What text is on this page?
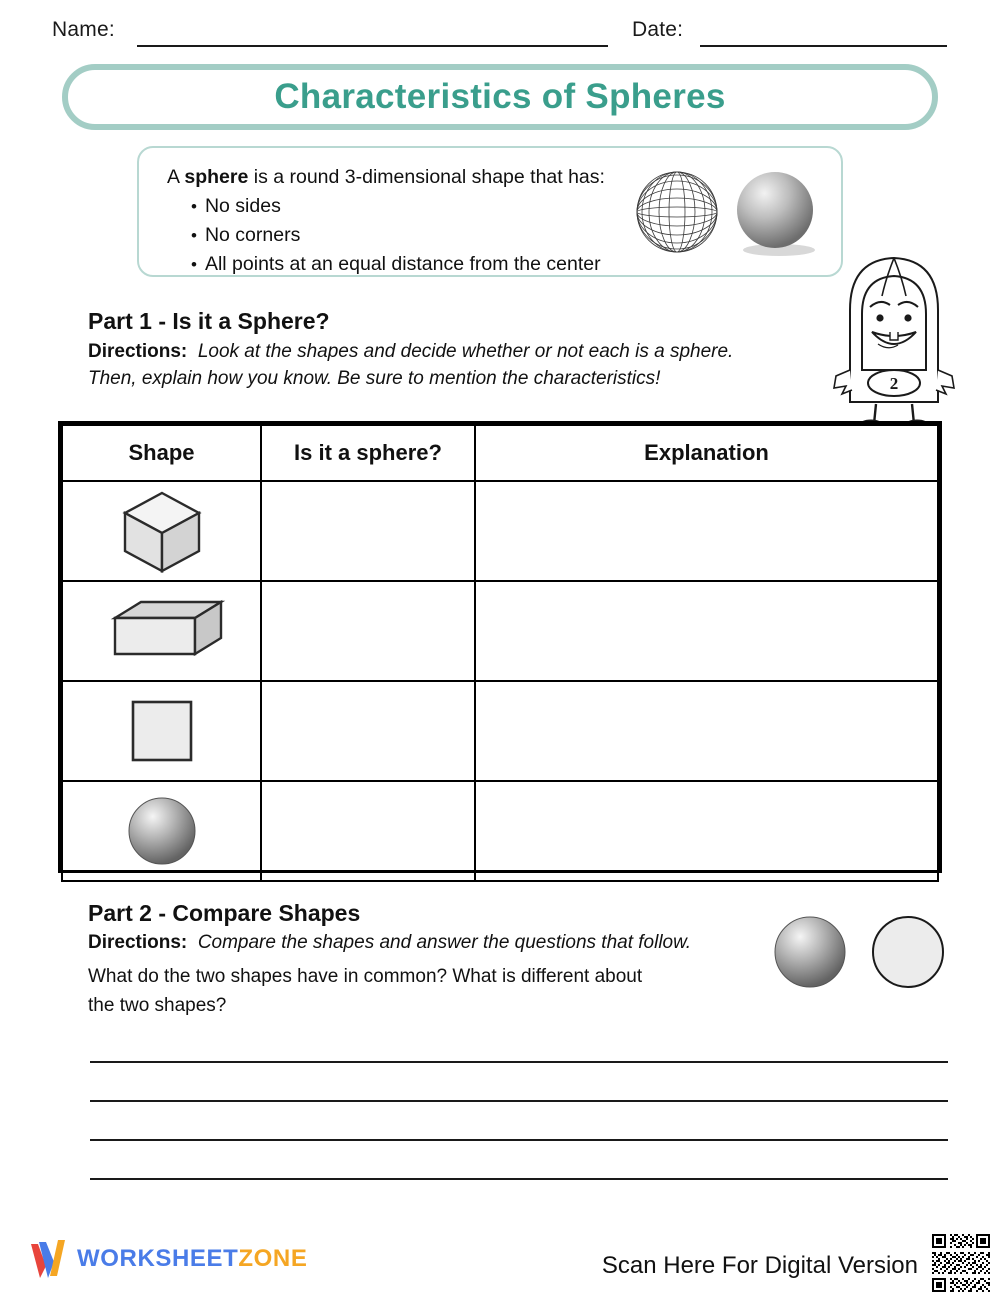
Name:	Date:
Characteristics of Spheres
A sphere is a round 3-dimensional shape that has:
• No sides
• No corners
• All points at an equal distance from the center
Part 1 - Is it a Sphere?
Directions: Look at the shapes and decide whether or not each is a sphere.
Then, explain how you know. Be sure to mention the characteristics!	2
Shape	Is it a sphere?	Explanation

Part 2 - Compare Shapes
Directions: Compare the shapes and answer the questions that follow.
What do the two shapes have in common? What is different about
the two shapes?
WORKSHEETZONE	Scan Here For Digital Version
